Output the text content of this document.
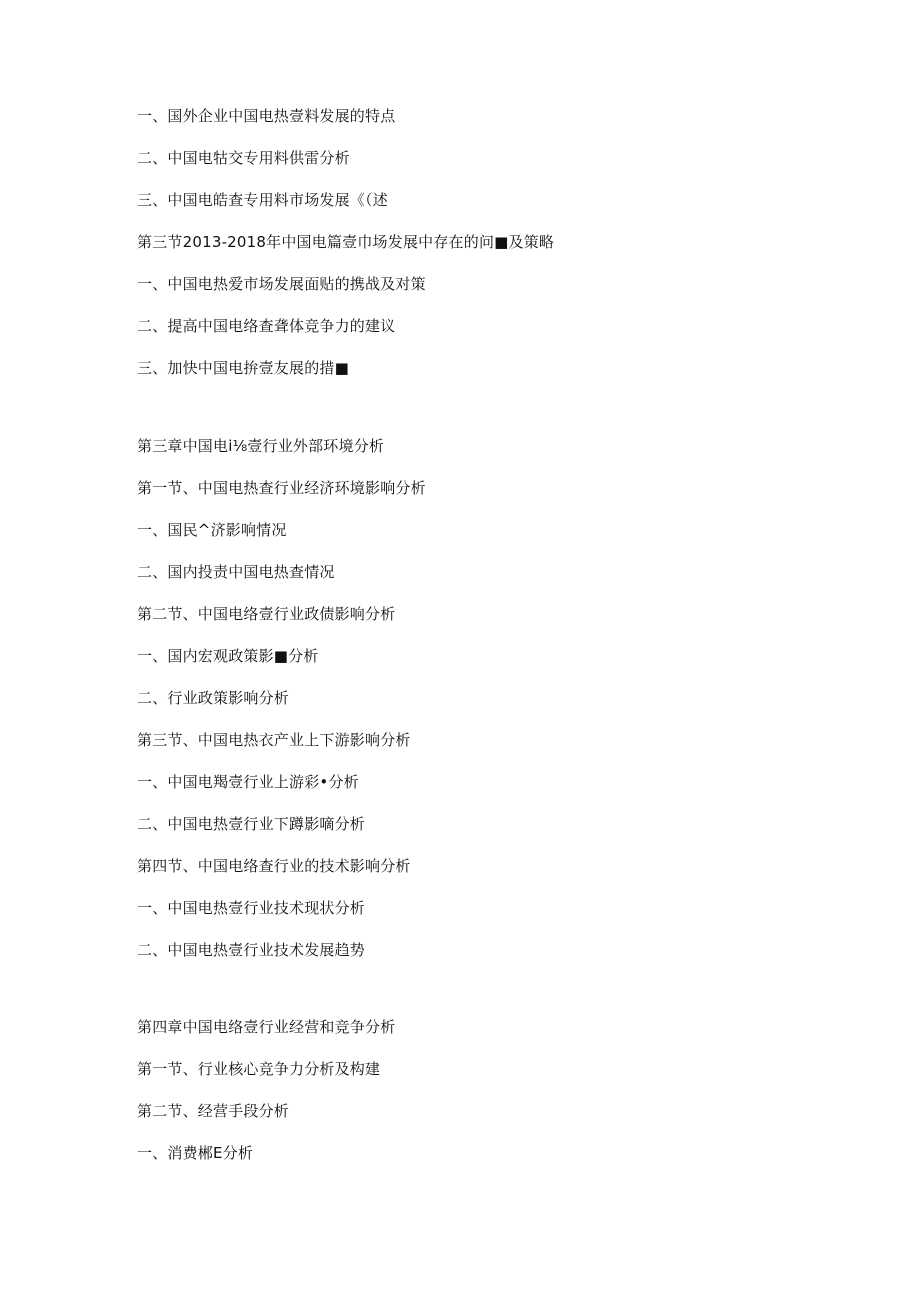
一、国外企业中国电热壹料发展的特点
二、中国电牯交专用料供雷分析
三、中国电皓查专用料市场发展《（述
第三节2013-2018年中国电篇壹巾场发展中存在的问■及策略
一、中国电热爱市场发展面贴的携战及对策
二、提高中国电络查聋体竞争力的建议
三、加快中国电拚壹友展的措■
第三章中国电i⅛壹行业外部环境分析
第一节、中国电热查行业经济环境影响分析
一、国民^济影响情况
二、国内投责中国电热查情况
第二节、中国电络壹行业政债影响分析
一、国内宏观政策影■分析
二、行业政策影响分析
第三节、中国电热衣产业上下游影响分析
一、中国电羯壹行业上游彩•分析
二、中国电热壹行业下蹲影嘀分析
第四节、中国电络查行业的技术影响分析
一、中国电热壹行业技术现状分析
二、中国电热壹行业技术发展趋势
第四章中国电络壹行业经营和竞争分析
第一节、行业核心竞争力分析及构建
第二节、经营手段分析
一、消费郴E分析
